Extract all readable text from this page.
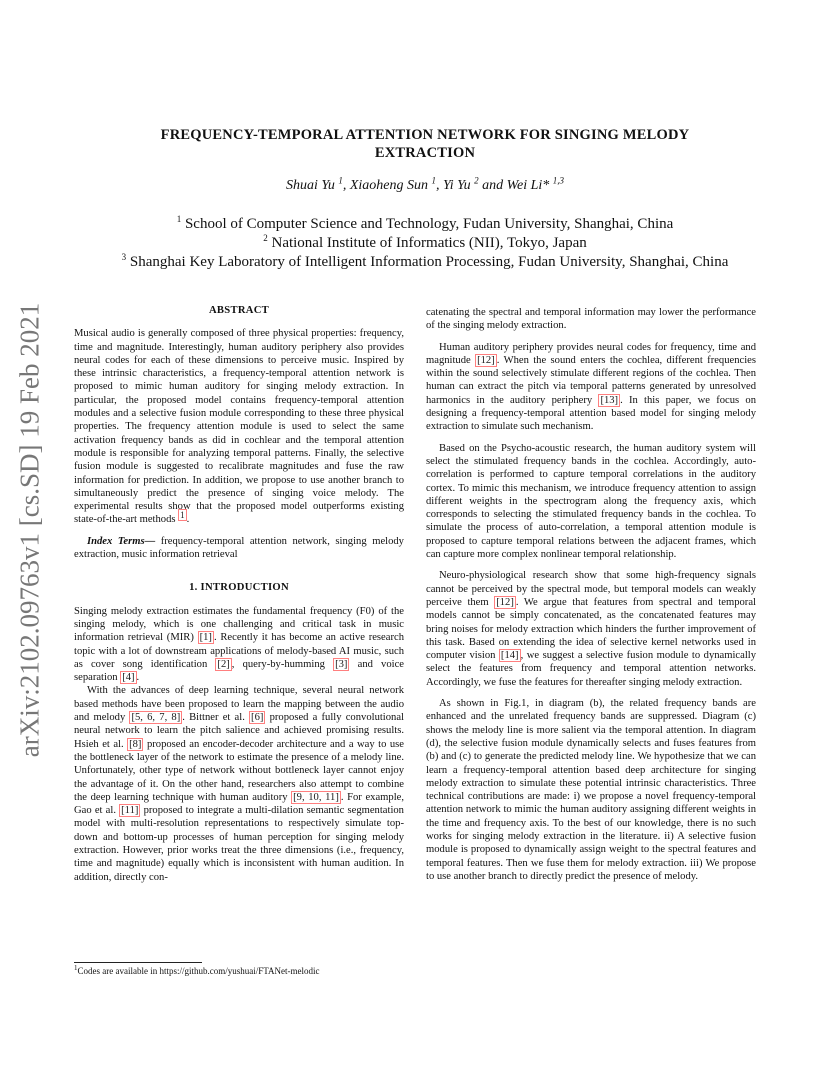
arXiv:2102.09763v1 [cs.SD] 19 Feb 2021
FREQUENCY-TEMPORAL ATTENTION NETWORK FOR SINGING MELODY
EXTRACTION
Shuai Yu $^1$, Xiaoheng Sun $^1$, Yi Yu $^2$ and Wei Li* $^{1,3}$
$^1$ School of Computer Science and Technology, Fudan University, Shanghai, China
$^2$ National Institute of Informatics (NII), Tokyo, Japan
$^3$ Shanghai Key Laboratory of Intelligent Information Processing, Fudan University, Shanghai, China
ABSTRACT

Musical audio is generally composed of three physical properties: frequency, time and magnitude. Interestingly, human auditory periphery also provides neural codes for each of these dimensions to perceive music. Inspired by these intrinsic characteristics, a frequency-temporal attention network is proposed to mimic human auditory for singing melody extraction. In particular, the proposed model contains frequency-temporal attention modules and a selective fusion module corresponding to these three physical properties. The frequency attention module is used to select the same activation frequency bands as did in cochlear and the temporal attention module is responsible for analyzing temporal patterns. Finally, the selective fusion module is suggested to recalibrate magnitudes and fuse the raw information for prediction. In addition, we propose to use another branch to simultaneously predict the presence of singing voice melody. The experimental results show that the proposed model outperforms existing state-of-the-art methods $^1$ .

Index Terms— frequency-temporal attention network, singing melody extraction, music information retrieval

1. INTRODUCTION

Singing melody extraction estimates the fundamental frequency (F0) of the singing melody, which is one challenging and critical task in music information retrieval (MIR) [1] . Recently it has become an active research topic with a lot of downstream applications of melody-based AI music, such as cover song identification [2] , query-by-humming [3] and voice separation [4] .

With the advances of deep learning technique, several neural network based methods have been proposed to learn the mapping between the audio and melody [5, 6, 7, 8] . Bittner et al. [6] proposed a fully convolutional neural network to learn the pitch salience and achieved promising results. Hsieh et al. [8] proposed an encoder-decoder architecture and a way to use the bottleneck layer of the network to estimate the presence of a melody line. Unfortunately, other type of network without bottleneck layer cannot enjoy the advantage of it. On the other hand, researchers also attempt to combine the deep learning technique with human auditory [9, 10, 11] . For example, Gao et al. [11] proposed to integrate a multi-dilation semantic segmentation model with multi-resolution representations to respectively simulate top-down and bottom-up processes of human perception for singing melody extraction. However, prior works treat the three dimensions (i.e., frequency, time and magnitude) equally which is inconsistent with human audition. In addition, directly con-

$^1$Codes are available in https://github.com/yushuai/FTANet-melodic

catenating the spectral and temporal information may lower the performance of the singing melody extraction.

Human auditory periphery provides neural codes for frequency, time and magnitude [12] . When the sound enters the cochlea, different frequencies within the sound selectively stimulate different regions of the cochlea. Then human can extract the pitch via temporal patterns generated by unresolved harmonics in the auditory periphery [13] . In this paper, we focus on designing a frequency-temporal attention based model for singing melody extraction to simulate such mechanism.

Based on the Psycho-acoustic research, the human auditory system will select the stimulated frequency bands in the cochlea. Accordingly, auto-correlation is performed to capture temporal correlations in the auditory cortex. To mimic this mechanism, we introduce frequency attention to assign different weights in the spectrogram along the frequency axis, which corresponds to selecting the stimulated frequency bands in the cochlea. To simulate the process of auto-correlation, a temporal attention module is proposed to capture temporal relations between the adjacent frames, which can capture more complex nonlinear temporal relationship.

Neuro-physiological research show that some high-frequency signals cannot be perceived by the spectral mode, but temporal models can weakly perceive them [12] . We argue that features from spectral and temporal models cannot be simply concatenated, as the concatenated features may bring noises for melody extraction which hinders the further improvement of this task. Based on extending the idea of selective kernel networks used in computer vision [14] , we suggest a selective fusion module to dynamically select the features from frequency and temporal attention networks. Accordingly, we fuse the features for thereafter singing melody extraction.

As shown in Fig.1, in diagram (b), the related frequency bands are enhanced and the unrelated frequency bands are suppressed. Diagram (c) shows the melody line is more salient via the temporal attention. In diagram (d), the selective fusion module dynamically selects and fuses features from (b) and (c) to generate the predicted melody line. We hypothesize that we can learn a frequency-temporal attention based deep architecture for singing melody extraction to simulate these potential intrinsic characteristics. Three technical contributions are made: i) we propose a novel frequency-temporal attention network to mimic the human auditory assigning different weights in the time and frequency axis. To the best of our knowledge, there is no such works for singing melody extraction in the literature. ii) A selective fusion module is proposed to dynamically assign weight to the spectral features and temporal features. Then we fuse them for melody extraction. iii) We propose to use another branch to directly predict the presence of melody.
